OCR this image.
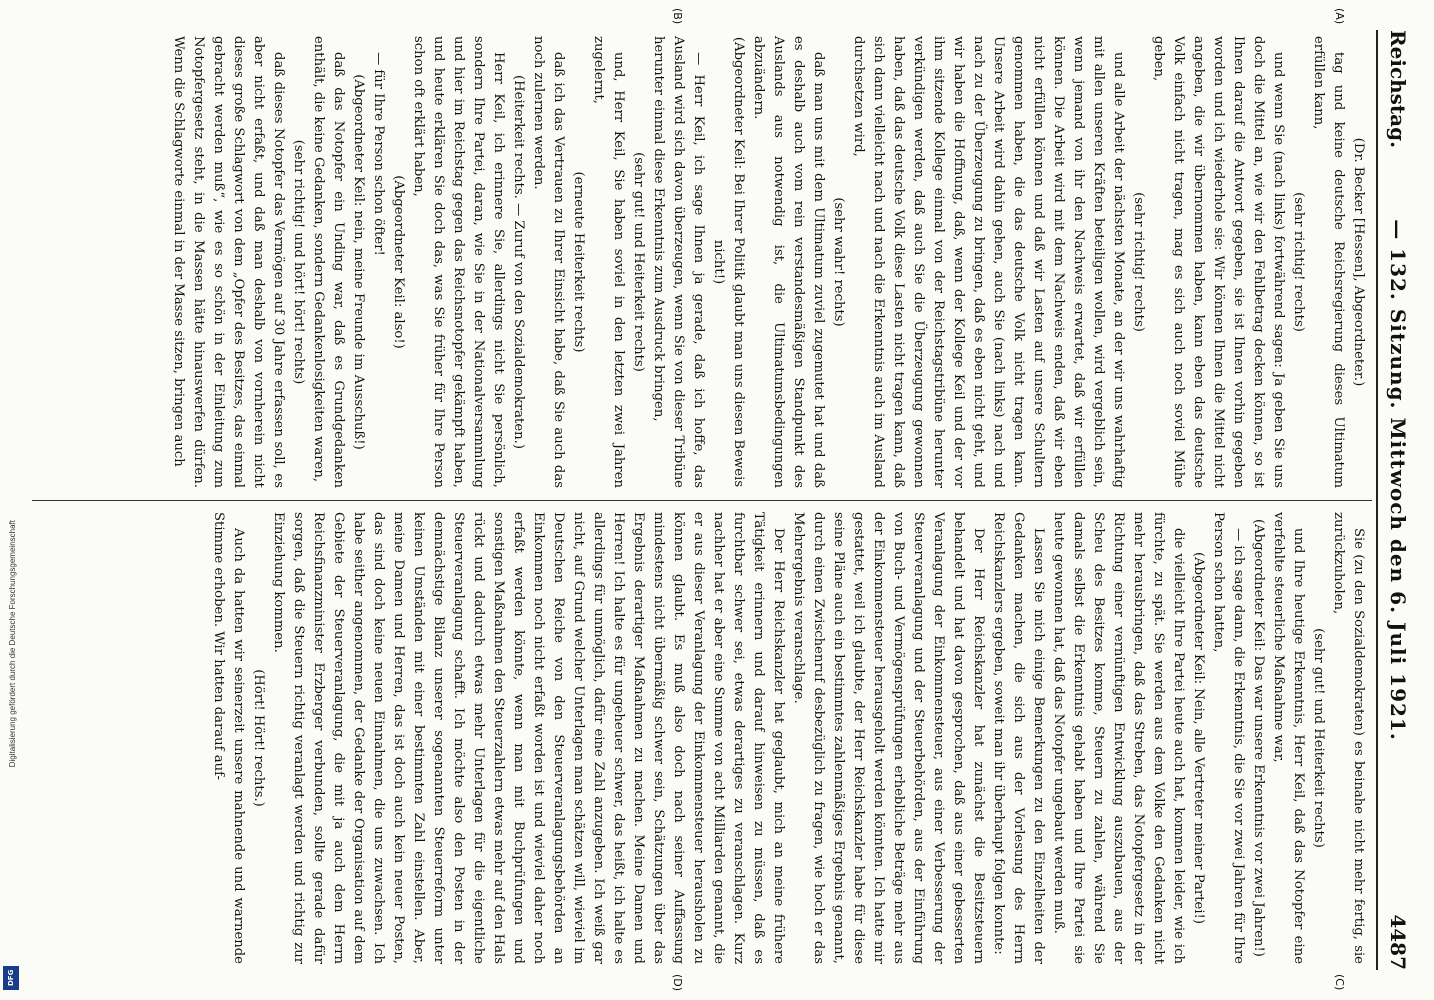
Reichstag.
— 132. Sitzung. Mittwoch den 6. Juli 1921.
4487
(A)
(B)
(C)
(D)

(Dr. Becker [Hessen], Abgeordneter.)

tag und keine deutsche Reichsregierung dieses Ultimatum erfüllen kann,

(sehr richtig! rechts)

und wenn Sie (nach links) fortwährend sagen: Ja geben Sie uns doch die Mittel an, wie wir den Fehlbetrag decken können, so ist Ihnen darauf die Antwort gegeben, sie ist Ihnen vorhin gegeben worden und ich wiederhole sie: Wir können Ihnen die Mittel nicht angeben, die wir übernommen haben, kann eben das deutsche Volk einfach nicht tragen, mag es sich auch noch soviel Mühe geben,

(sehr richtig! rechts)

und alle Arbeit der nächsten Monate, an der wir uns wahrhaftig mit allen unseren Kräften beteiligen wollen, wird vergeblich sein, wenn jemand von ihr den Nachweis erwartet, daß wir erfüllen können. Die Arbeit wird mit dem Nachweis enden, daß wir eben nicht erfüllen können und daß wir Lasten auf unsere Schultern genommen haben, die das deutsche Volk nicht tragen kann. Unsere Arbeit wird dahin gehen, auch Sie (nach links) nach und nach zu der Überzeugung zu bringen, daß es eben nicht geht, und wir haben die Hoffnung, daß, wenn der Kollege Keil und der vor ihm sitzende Kollege einmal von der Reichstagstribüne herunter verkündigen werden, daß auch Sie die Überzeugung gewonnen haben, daß das deutsche Volk diese Lasten nicht tragen kann, daß sich dann vielleicht nach und nach die Erkenntnis auch im Ausland durchsetzen wird,

(sehr wahr! rechts)

daß man uns mit dem Ultimatum zuviel zugemutet hat und daß es deshalb auch vom rein verstandesmäßigen Standpunkt des Auslands aus notwendig ist, die Ultimatumsbedingungen abzuändern.

(Abgeordneter Keil: Bei Ihrer Politik glaubt man uns diesen Beweis nicht!)

— Herr Keil, ich sage Ihnen ja gerade, daß ich hoffe, das Ausland wird sich davon überzeugen, wenn Sie von dieser Tribüne herunter einmal diese Erkenntnis zum Ausdruck bringen,

(sehr gut! und Heiterkeit rechts)

und, Herr Keil, Sie haben soviel in den letzten zwei Jahren zugelernt,

(erneute Heiterkeit rechts)

daß ich das Vertrauen zu Ihrer Einsicht habe, daß Sie auch das noch zulernen werden.

(Heiterkeit rechts. — Zuruf von den Sozialdemokraten.)

Herr Keil, ich erinnere Sie, allerdings nicht Sie persönlich, sondern Ihre Partei, daran, wie Sie in der Nationalversammlung und hier im Reichstag gegen das Reichsnotopfer gekämpft haben, und heute erklären Sie doch das, was Sie früher für Ihre Person schon oft erklärt haben,

(Abgeordneter Keil: also!)

— für Ihre Person schon öfter!

(Abgeordneter Keil: nein, meine Freunde im Ausschuß!)

daß das Notopfer ein Unding war, daß es Grundgedanken enthält, die keine Gedanken, sondern Gedankenlosigkeiten waren,

(sehr richtig! und hört! hört! rechts)

daß dieses Notopfer das Vermögen auf 30 Jahre erfassen soll, es aber nicht erfaßt, und daß man deshalb von vornherein nicht dieses große Schlagwort von dem „Opfer des Besitzes, das einmal gebracht werden muß“, wie es so schön in der Einleitung zum Notopfergesetz steht, in die Massen hätte hinauswerfen dürfen. Wenn die Schlagworte einmal in der Masse sitzen, bringen auch

Sie (zu den Sozialdemokraten) es beinahe nicht mehr fertig, sie zurückzuholen,

(sehr gut! und Heiterkeit rechts)

und Ihre heutige Erkenntnis, Herr Keil, daß das Notopfer eine verfehlte steuerliche Maßnahme war,

(Abgeordneter Keil: Das war unsere Erkenntnis vor zwei Jahren!)

— ich sage dann, die Erkenntnis, die Sie vor zwei Jahren für Ihre Person schon hatten,

(Abgeordneter Keil: Nein, alle Vertreter meiner Partei!)

die vielleicht Ihre Partei heute auch hat, kommen leider, wie ich fürchte, zu spät. Sie werden aus dem Volke den Gedanken nicht mehr herausbringen, daß das Streben, das Notopfergesetz in der Richtung einer vernünftigen Entwicklung auszubauen, aus der Scheu des Besitzes komme, Steuern zu zahlen, während Sie damals selbst die Erkenntnis gehabt haben und Ihre Partei sie heute gewonnen hat, daß das Notopfer ungebaut werden muß.

Lassen Sie mich einige Bemerkungen zu den Einzelheiten der Gedanken machen, die sich aus der Vorlesung des Herrn Reichskanzlers ergeben, soweit man ihr überhaupt folgen konnte:

Der Herr Reichskanzler hat zunächst die Besitzsteuern behandelt und hat davon gesprochen, daß aus einer gebesserten Veranlagung der Einkommensteuer, aus einer Verbesserung der Steuerveranlagung und der Steuerbehörden, aus der Einführung von Buch- und Vermögensprüfungen erhebliche Beträge mehr aus der Einkommensteuer herausgeholt werden könnten. Ich hatte mir gestattet, weil ich glaubte, der Herr Reichskanzler habe für diese seine Pläne auch ein bestimmtes zahlenmäßiges Ergebnis genannt, durch einen Zwischenruf desbezüglich zu fragen, wie hoch er das Mehrergebnis veranschlage.

Der Herr Reichskanzler hat geglaubt, mich an meine frühere Tätigkeit erinnern und darauf hinweisen zu müssen, daß es furchtbar schwer sei, etwas derartiges zu veranschlagen. Kurz nachher hat er aber eine Summe von acht Milliarden genannt, die er aus dieser Veranlagung der Einkommensteuer herausholen zu können glaubt. Es muß also doch nach seiner Auffassung mindestens nicht übermäßig schwer sein, Schätzungen über das Ergebnis derartiger Maßnahmen zu machen. Meine Damen und Herren! Ich halte es für ungeheuer schwer, das heißt, ich halte es allerdings für unmöglich, dafür eine Zahl anzugeben. Ich weiß gar nicht, auf Grund welcher Unterlagen man schätzen will, wieviel im Deutschen Reiche von den Steuerveranlagungsbehörden an Einkommen noch nicht erfaßt worden ist und wieviel daher noch erfaßt werden könnte, wenn man mit Buchprüfungen und sonstigen Maßnahmen den Steuerzahlern etwas mehr auf den Hals rückt und dadurch etwas mehr Unterlagen für die eigentliche Steuerveranlagung schafft. Ich möchte also den Posten in der demnächstige Bilanz unserer sogenannten Steuerreform unter keinen Umständen mit einer bestimmten Zahl einstellen. Aber, meine Damen und Herren, das ist doch auch kein neuer Posten, das sind doch keine neuen Einnahmen, die uns zuwachsen. Ich habe seither angenommen, der Gedanke der Organisation auf dem Gebiete der Steuerveranlagung, die mit ja auch dem Herrn Reichsfinanzminister Erzberger verbunden, sollte gerade dafür sorgen, daß die Steuern richtig veranlagt werden und richtig zur Einziehung kommen.

(Hört! Hört! rechts.)

Auch da hatten wir seinerzeit unsere mahnende und warnende Stimme erhoben. Wir hatten darauf auf-

Digitalisierung gefördert durch die Deutsche Forschungsgemeinschaft
DFG
